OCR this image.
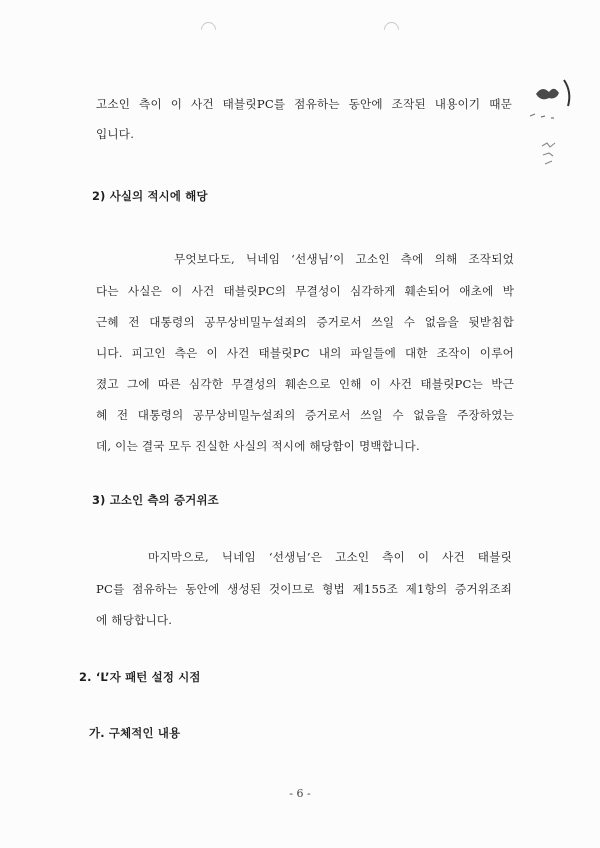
고소인 측이 이 사건 태블릿PC를 점유하는 동안에 조작된 내용이기 때문
입니다.
2) 사실의 적시에 해당
무엇보다도, 닉네임 ‘선생님’이 고소인 측에 의해 조작되었
다는 사실은 이 사건 태블릿PC의 무결성이 심각하게 훼손되어 애초에 박
근혜 전 대통령의 공무상비밀누설죄의 증거로서 쓰일 수 없음을 뒷받침합
니다. 피고인 측은 이 사건 태블릿PC 내의 파일들에 대한 조작이 이루어
졌고 그에 따른 심각한 무결성의 훼손으로 인해 이 사건 태블릿PC는 박근
혜 전 대통령의 공무상비밀누설죄의 증거로서 쓰일 수 없음을 주장하였는
데, 이는 결국 모두 진실한 사실의 적시에 해당함이 명백합니다.
3) 고소인 측의 증거위조
마지막으로, 닉네임 ‘선생님’은 고소인 측이 이 사건 태블릿
PC를 점유하는 동안에 생성된 것이므로 형법 제155조 제1항의 증거위조죄
에 해당합니다.
2. ‘L’자 패턴 설정 시점
가. 구체적인 내용
- 6 -
